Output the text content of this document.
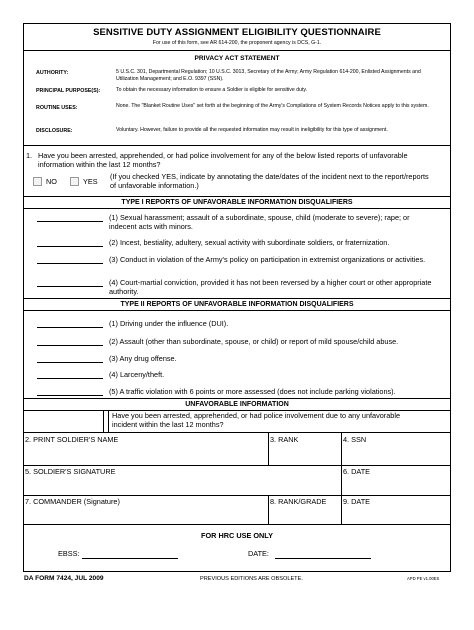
SENSITIVE DUTY ASSIGNMENT ELIGIBILITY QUESTIONNAIRE
For use of this form, see AR 614-200, the proponent agency is DCS, G-1.
PRIVACY ACT STATEMENT
AUTHORITY:	5 U.S.C. 301, Departmental Regulation; 10 U.S.C. 3013, Secretary of the Army; Army Regulation 614-200, Enlisted Assignments and Utilization Management; and E.O. 9397 (SSN).
PRINCIPAL PURPOSE(S):	To obtain the necessary information to ensure a Soldier is eligible for sensitive duty.
ROUTINE USES:	None. The "Blanket Routine Uses" set forth at the beginning of the Army's Compilations of System Records Notices apply to this system.
DISCLOSURE:	Voluntary. However, failure to provide all the requested information may result in ineligibility for this type of assignment.
1. Have you been arrested, apprehended, or had police involvement for any of the below listed reports of unfavorable information within the last 12 months?
NO	YES
(If you checked YES, indicate by annotating the date/dates of the incident next to the report/reports of unfavorable information.)
TYPE I REPORTS OF UNFAVORABLE INFORMATION DISQUALIFIERS
(1) Sexual harassment; assault of a subordinate, spouse, child (moderate to severe); rape; or indecent acts with minors.
(2) Incest, bestiality, adultery, sexual activity with subordinate soldiers, or fraternization.
(3) Conduct in violation of the Army's policy on participation in extremist organizations or activities.
(4) Court-martial conviction, provided it has not been reversed by a higher court or other appropriate authority.
TYPE II REPORTS OF UNFAVORABLE INFORMATION DISQUALIFIERS
(1) Driving under the influence (DUI).
(2) Assault (other than subordinate, spouse, or child) or report of mild spouse/child abuse.
(3) Any drug offense.
(4) Larceny/theft.
(5) A traffic violation with 6 points or more assessed (does not include parking violations).
UNFAVORABLE INFORMATION
Have you been arrested, apprehended, or had police involvement due to any unfavorable incident within the last 12 months?
2. PRINT SOLDIER'S NAME	3. RANK	4. SSN
5. SOLDIER'S SIGNATURE	6. DATE
7. COMMANDER (Signature)	8. RANK/GRADE 9. DATE
FOR HRC USE ONLY
EBSS:	DATE:
DA FORM 7424, JUL 2009	PREVIOUS EDITIONS ARE OBSOLETE.	APD PE v1.00ES
